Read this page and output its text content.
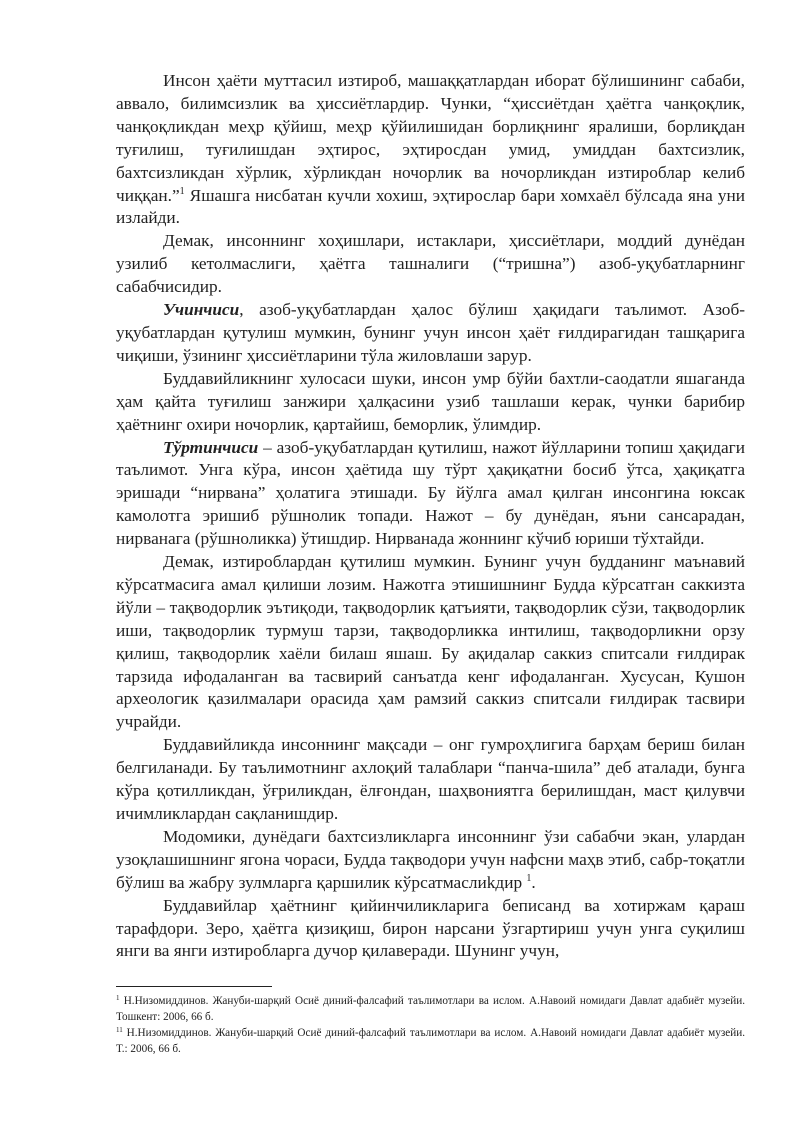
Инсон ҳаёти муттасил изтироб, машаққатлардан иборат бўлишининг сабаби, аввало, билимсизлик ва ҳиссиётлардир. Чунки, “ҳиссиётдан ҳаётга чанқоқлик, чанқоқликдан меҳр қўйиш, меҳр қўйилишидан борлиқнинг яралиши, борлиқдан туғилиш, туғилишдан эҳтирос, эҳтиросдан умид, умиддан бахтсизлик, бахтсизликдан хўрлик, хўрликдан ночорлик ва ночорликдан изтироблар келиб чиққан.”$^1$ Яшашга нисбатан кучли хохиш, эҳтирослар бари хомхаёл бўлсада яна уни излайди.

Демак, инсоннинг хоҳишлари, истаклари, ҳиссиётлари, моддий дунёдан узилиб кетолмаслиги, ҳаётга ташналиги (“тришна”) азоб-уқубатларнинг сабабчисидир.

Учинчиси, азоб-уқубатлардан ҳалос бўлиш ҳақидаги таълимот. Азоб-уқубатлардан қутулиш мумкин, бунинг учун инсон ҳаёт ғилдирагидан ташқарига чиқиши, ўзининг ҳиссиётларини тўла жиловлаши зарур.

Буддавийликнинг хулосаси шуки, инсон умр бўйи бахтли-саодатли яшаганда ҳам қайта туғилиш занжири ҳалқасини узиб ташлаши керак, чунки барибир ҳаётнинг охири ночорлик, қартайиш, беморлик, ўлимдир.

Тўртинчиси – азоб-уқубатлардан қутилиш, нажот йўлларини топиш ҳақидаги таълимот. Унга кўра, инсон ҳаётида шу тўрт ҳақиқатни босиб ўтса, ҳақиқатга эришади “нирвана” ҳолатига этишади. Бу йўлга амал қилган инсонгина юксак камолотга эришиб рўшнолик топади. Нажот – бу дунёдан, яъни сансарадан, нирванага (рўшноликка) ўтишдир. Нирванада жоннинг кўчиб юриши тўхтайди.

Демак, изтироблардан қутилиш мумкин. Бунинг учун будданинг маънавий кўрсатмасига амал қилиши лозим. Нажотга этишишнинг Будда кўрсатган саккизта йўли – тақводорлик эътиқоди, тақводорлик қатъияти, тақводорлик сўзи, тақводорлик иши, тақводорлик турмуш тарзи, тақводорликка интилиш, тақводорликни орзу қилиш, тақводорлик хаёли билаш яшаш. Бу ақидалар саккиз спитсали ғилдирак тарзида ифодаланган ва тасвирий санъатда кенг ифодаланган. Хусусан, Кушон археологик қазилмалари орасида ҳам рамзий саккиз спитсали ғилдирак тасвири учрайди.

Буддавийликда инсоннинг мақсади – онг гумроҳлигига барҳам бериш билан белгиланади. Бу таълимотнинг ахлоқий талаблари “панча-шила” деб аталади, бунга кўра қотилликдан, ўғриликдан, ёлғондан, шаҳвониятга берилишдан, маст қилувчи ичимликлардан сақланишдир.

Модомики, дунёдаги бахтсизликларга инсоннинг ўзи сабабчи экан, улардан узоқлашишнинг ягона чораси, Будда тақводори учун нафсни маҳв этиб, сабр-тоқатли бўлиш ва жабру зулмларга қаршилик кўрсатмаслиkдир $^1$.

Буддавийлар ҳаётнинг қийинчиликларига беписанд ва хотиржам қараш тарафдори. Зеро, ҳаётга қизиқиш, бирон нарсани ўзгартириш учун унга суқилиш янги ва янги изтиробларга дучор қилаверади. Шунинг учун,

$^1$ Н.Низомиддинов. Жануби-шарқий Осиё диний-фалсафий таълимотлари ва ислом. А.Навоий номидаги Давлат адабиёт музейи. Тошкент: 2006, 66 б.

$^{11}$ Н.Низомиддинов. Жануби-шарқий Осиё диний-фалсафий таълимотлари ва ислом. А.Навоий номидаги Давлат адабиёт музейи. Т.: 2006, 66 б.
